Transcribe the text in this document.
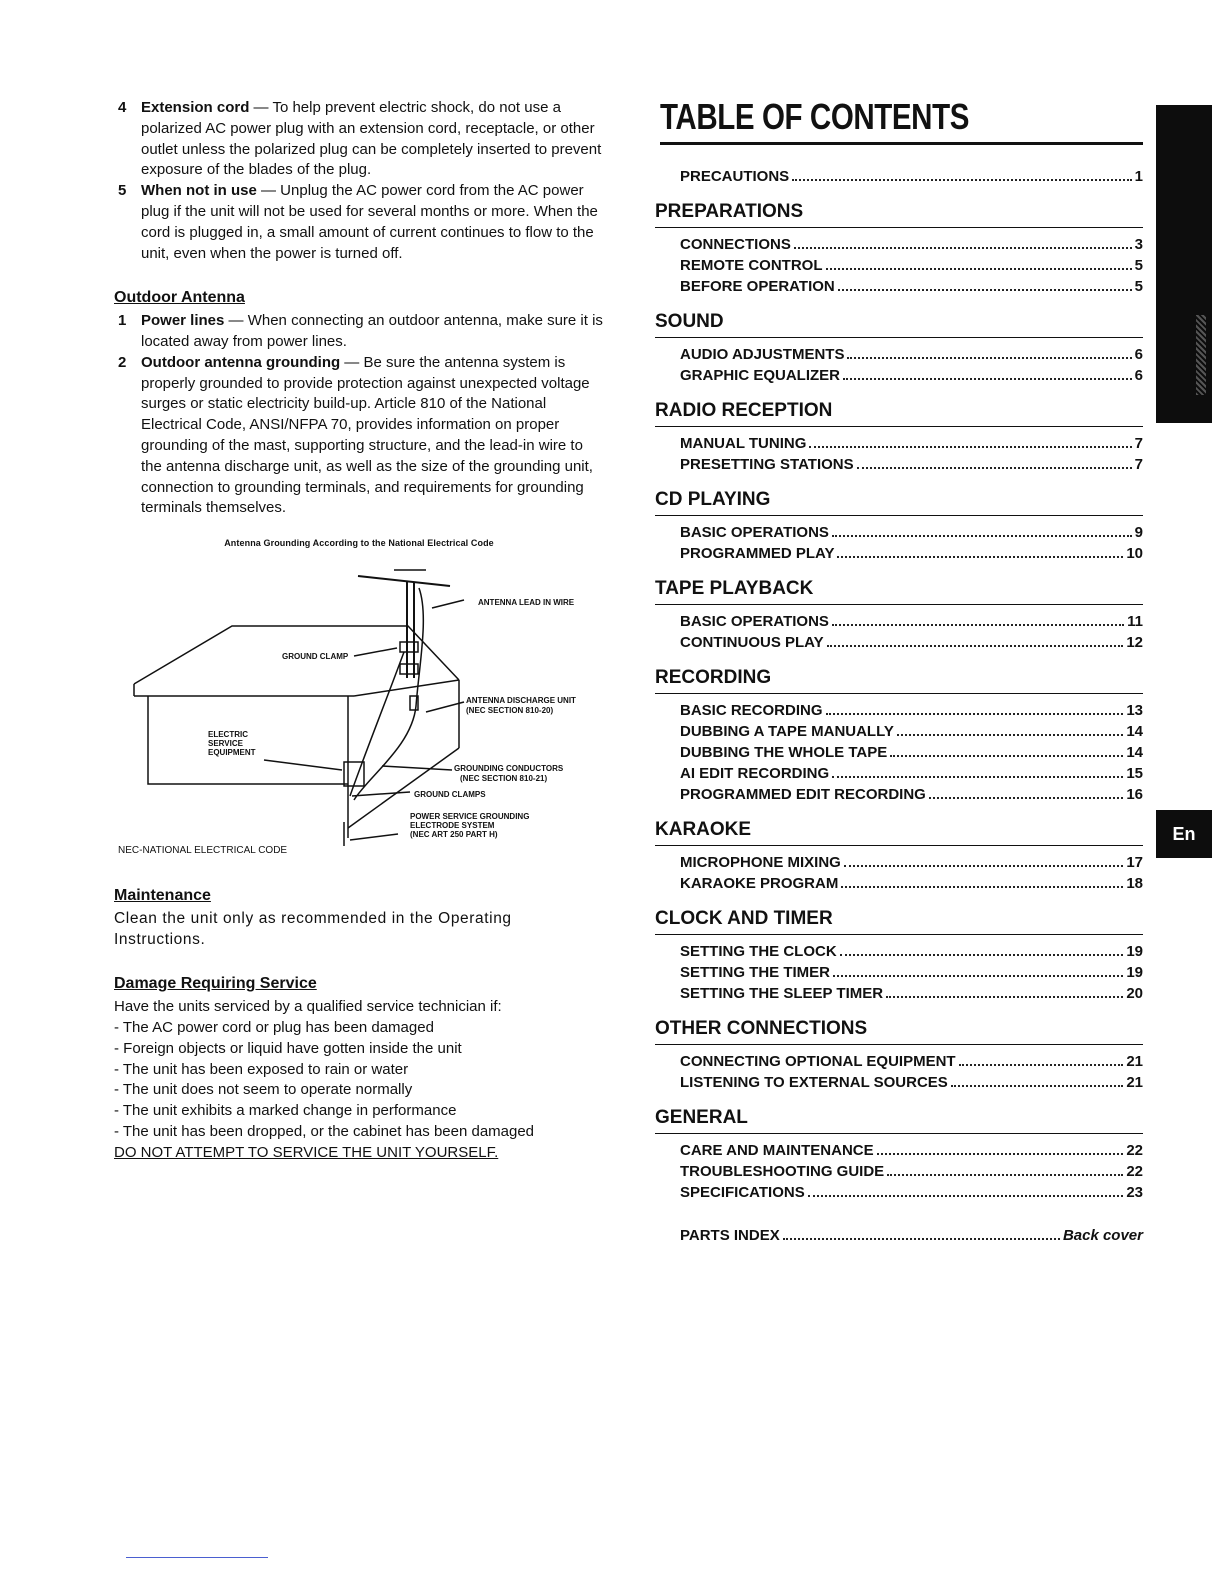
4 Extension cord — To help prevent electric shock, do not use a polarized AC power plug with an extension cord, receptacle, or other outlet unless the polarized plug can be completely inserted to prevent exposure of the blades of the plug.

5 When not in use — Unplug the AC power cord from the AC power plug if the unit will not be used for several months or more. When the cord is plugged in, a small amount of current continues to flow to the unit, even when the power is turned off.

Outdoor Antenna

1 Power lines — When connecting an outdoor antenna, make sure it is located away from power lines.

2 Outdoor antenna grounding — Be sure the antenna system is properly grounded to provide protection against unexpected voltage surges or static electricity build-up. Article 810 of the National Electrical Code, ANSI/NFPA 70, provides information on proper grounding of the mast, supporting structure, and the lead-in wire to the antenna discharge unit, as well as the size of the grounding unit, connection to grounding terminals, and requirements for grounding terminals themselves.

Antenna Grounding According to the National Electrical Code
ANTENNA LEAD IN WIRE
GROUND CLAMP
ANTENNA DISCHARGE UNIT
(NEC SECTION 810-20)
ELECTRIC
SERVICE
EQUIPMENT
GROUNDING CONDUCTORS
(NEC SECTION 810-21)
GROUND CLAMPS
POWER SERVICE GROUNDING
ELECTRODE SYSTEM
(NEC ART 250 PART H)
NEC-NATIONAL ELECTRICAL CODE
Maintenance
Clean the unit only as recommended in the Operating Instructions.
Damage Requiring Service
Have the units serviced by a qualified service technician if:
- The AC power cord or plug has been damaged
- Foreign objects or liquid have gotten inside the unit
- The unit has been exposed to rain or water
- The unit does not seem to operate normally
- The unit exhibits a marked change in performance
- The unit has been dropped, or the cabinet has been damaged
DO NOT ATTEMPT TO SERVICE THE UNIT YOURSELF.
TABLE OF CONTENTS
PRECAUTIONS	1
PREPARATIONS
CONNECTIONS	3
REMOTE CONTROL	5
BEFORE OPERATION	5
SOUND
AUDIO ADJUSTMENTS	6
GRAPHIC EQUALIZER	6
RADIO RECEPTION
MANUAL TUNING	7
PRESETTING STATIONS	7
CD PLAYING
BASIC OPERATIONS	9
PROGRAMMED PLAY	10
TAPE PLAYBACK
BASIC OPERATIONS	11
CONTINUOUS PLAY	12
RECORDING
BASIC RECORDING	13
DUBBING A TAPE MANUALLY	14
DUBBING THE WHOLE TAPE	14
AI EDIT RECORDING	15
PROGRAMMED EDIT RECORDING	16
KARAOKE
MICROPHONE MIXING	17
KARAOKE PROGRAM	18
CLOCK AND TIMER
SETTING THE CLOCK	19
SETTING THE TIMER	19
SETTING THE SLEEP TIMER	20
OTHER CONNECTIONS
CONNECTING OPTIONAL EQUIPMENT	21
LISTENING TO EXTERNAL SOURCES	21
GENERAL
CARE AND MAINTENANCE	22
TROUBLESHOOTING GUIDE	22
SPECIFICATIONS	23
PARTS INDEX	Back cover
En
